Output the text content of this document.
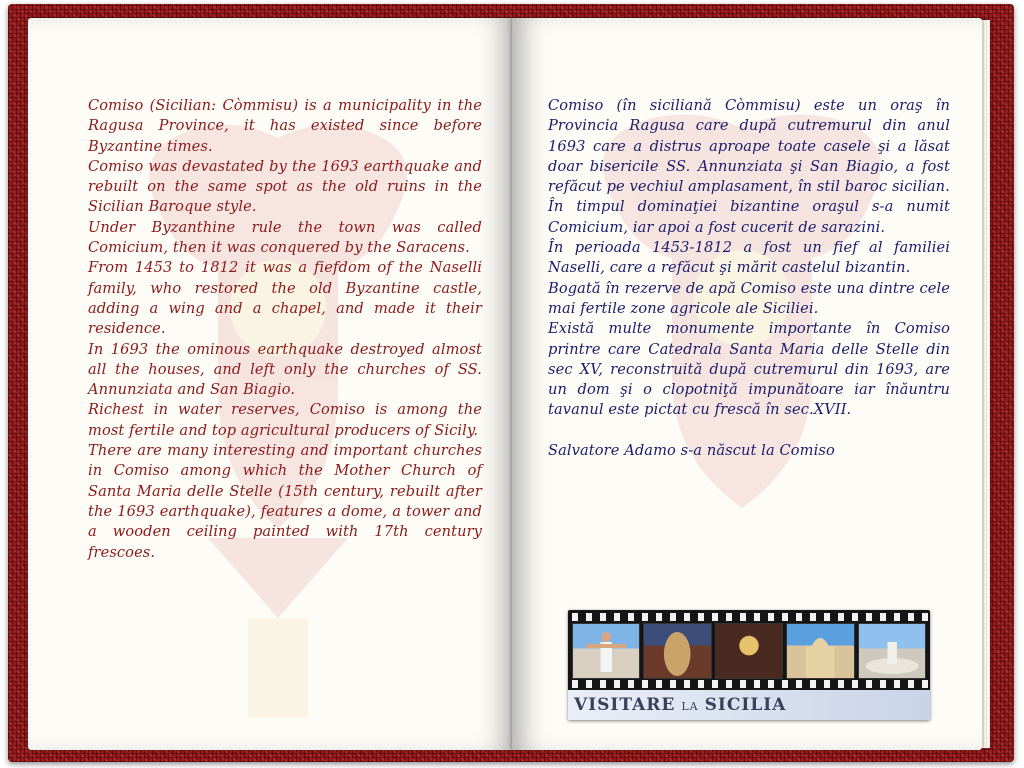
Comiso (Sicilian: Còmmisu) is a municipality in the Ragusa Province, it has existed since before Byzantine times.
Comiso was devastated by the 1693 earthquake and rebuilt on the same spot as the old ruins in the Sicilian Baroque style.
Under Byzanthine rule the town was called Comicium, then it was conquered by the Saracens.
From 1453 to 1812 it was a fiefdom of the Naselli family, who restored the old Byzantine castle, adding a wing and a chapel, and made it their residence.
In 1693 the ominous earthquake destroyed almost all the houses, and left only the churches of SS. Annunziata and San Biagio.
Richest in water reserves, Comiso is among the most fertile and top agricultural producers of Sicily.
There are many interesting and important churches in Comiso among which the Mother Church of Santa Maria delle Stelle (15th century, rebuilt after the 1693 earthquake), features a dome, a tower and a wooden ceiling painted with 17th century frescoes.
Comiso (în siciliană Còmmisu) este un oraş în Provincia Ragusa care după cutremurul din anul 1693 care a distrus aproape toate casele şi a lăsat doar bisericile SS. Annunziata şi San Biagio, a fost refăcut pe vechiul amplasament, în stil baroc sicilian.
În timpul dominaţiei bizantine oraşul s-a numit Comicium, iar apoi a fost cucerit de sarazini.
În perioada 1453-1812 a fost un fief al familiei Naselli, care a refăcut şi mărit castelul bizantin.
Bogată în rezerve de apă Comiso este una dintre cele mai fertile zone agricole ale Siciliei.
Există multe monumente importante în Comiso printre care Catedrala Santa Maria delle Stelle din sec XV, reconstruită după cutremurul din 1693, are un dom şi o clopotniţă impunătoare iar înăuntru tavanul este pictat cu frescă în sec.XVII.
Salvatore Adamo s-a născut la Comiso
VISITARE LA SICILIA
